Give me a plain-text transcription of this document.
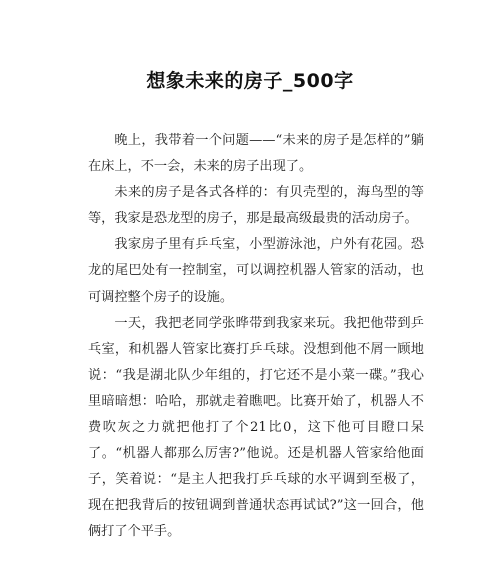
想象未来的房子_500字

晚上，我带着一个问题——“未来的房子是怎样的”躺在床上，不一会，未来的房子出现了。

未来的房子是各式各样的：有贝壳型的，海鸟型的等等，我家是恐龙型的房子，那是最高级最贵的活动房子。

我家房子里有乒乓室，小型游泳池，户外有花园。恐龙的尾巴处有一控制室，可以调控机器人管家的活动，也可调控整个房子的设施。

一天，我把老同学张晔带到我家来玩。我把他带到乒乓室，和机器人管家比赛打乒乓球。没想到他不屑一顾地说：“我是湖北队少年组的，打它还不是小菜一碟。”我心里暗暗想：哈哈，那就走着瞧吧。比赛开始了，机器人不费吹灰之力就把他打了个21比0，这下他可目瞪口呆了。“机器人都那么厉害?”他说。还是机器人管家给他面子，笑着说：“是主人把我打乒乓球的水平调到至极了，现在把我背后的按钮调到普通状态再试试?”这一回合，他俩打了个平手。
